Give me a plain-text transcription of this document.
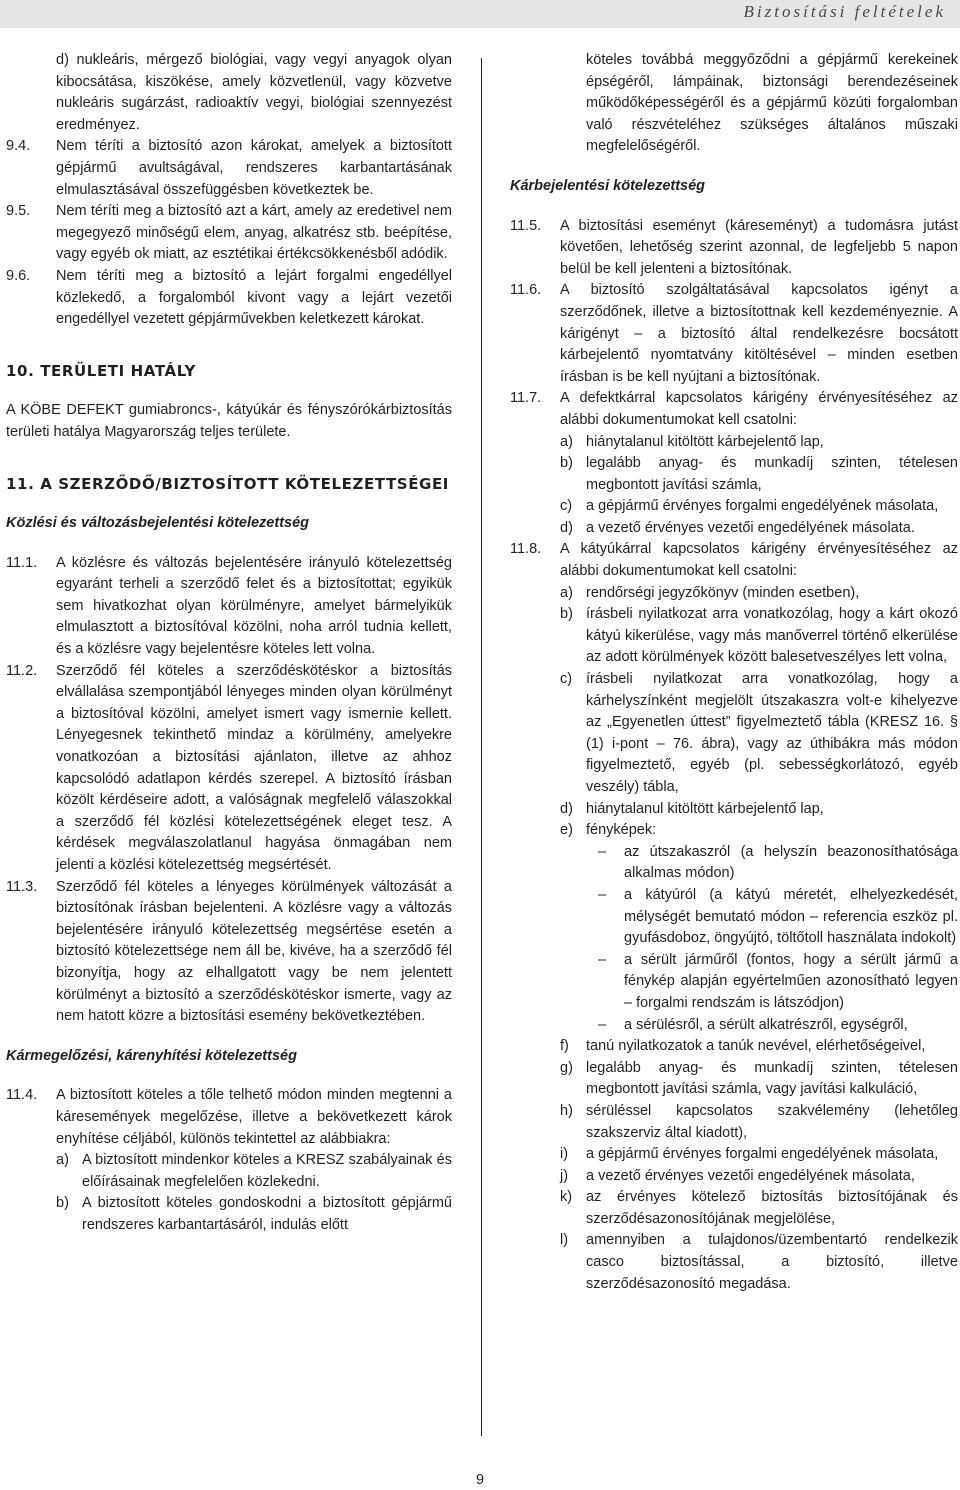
Biztosítási feltételek

d) nukleáris, mérgező biológiai, vagy vegyi anyagok olyan kibocsátása, kiszökése, amely közvetlenül, vagy közvetve nukleáris sugárzást, radioaktív vegyi, biológiai szennyezést eredményez.

9.4. Nem téríti a biztosító azon károkat, amelyek a biztosított gépjármű avultságával, rendszeres karbantartásának elmulasztásával összefüggésben következtek be.
9.5. Nem téríti meg a biztosító azt a kárt, amely az eredetivel nem megegyező minőségű elem, anyag, alkatrész stb. beépítése, vagy egyéb ok miatt, az esztétikai értékcsökkenésből adódik.
9.6. Nem téríti meg a biztosító a lejárt forgalmi engedéllyel közlekedő, a forgalomból kivont vagy a lejárt vezetői engedéllyel vezetett gépjárművekben keletkezett károkat.
10. TERÜLETI HATÁLY

A KÖBE DEFEKT gumiabroncs-, kátyúkár és fényszórókárbiztosítás területi hatálya Magyarország teljes területe.

11. A SZERZŐDŐ/BIZTOSÍTOTT KÖTELEZETTSÉGEI
Közlési és változásbejelentési kötelezettség
11.1. A közlésre és változás bejelentésére irányuló kötelezettség egyaránt terheli a szerződő felet és a biztosítottat; egyikük sem hivatkozhat olyan körülményre, amelyet bármelyikük elmulasztott a biztosítóval közölni, noha arról tudnia kellett, és a közlésre vagy bejelentésre köteles lett volna.
11.2. Szerződő fél köteles a szerződéskötéskor a biztosítás elvállalása szempontjából lényeges minden olyan körülményt a biztosítóval közölni, amelyet ismert vagy ismernie kellett. Lényegesnek tekinthető mindaz a körülmény, amelyekre vonatkozóan a biztosítási ajánlaton, illetve az ahhoz kapcsolódó adatlapon kérdés szerepel. A biztosító írásban közölt kérdéseire adott, a valóságnak megfelelő válaszokkal a szerződő fél közlési kötelezettségének eleget tesz. A kérdések megválaszolatlanul hagyása önmagában nem jelenti a közlési kötelezettség megsértését.
11.3. Szerződő fél köteles a lényeges körülmények változását a biztosítónak írásban bejelenteni. A közlésre vagy a változás bejelentésére irányuló kötelezettség megsértése esetén a biztosító kötelezettsége nem áll be, kivéve, ha a szerződő fél bizonyítja, hogy az elhallgatott vagy be nem jelentett körülményt a biztosító a szerződéskötéskor ismerte, vagy az nem hatott közre a biztosítási esemény bekövetkeztében.
Kármegelőzési, kárenyhítési kötelezettség
11.4. A biztosított köteles a tőle telhető módon minden megtenni a káresemények megelőzése, illetve a bekövetkezett károk enyhítése céljából, különös tekintettel az alábbiakra:
a) A biztosított mindenkor köteles a KRESZ szabályainak és előírásainak megfelelően közlekedni.
b) A biztosított köteles gondoskodni a biztosított gépjármű rendszeres karbantartásáról, indulás előtt

köteles továbbá meggyőződni a gépjármű kerekeinek épségéről, lámpáinak, biztonsági berendezéseinek működőképességéről és a gépjármű közúti forgalomban való részvételéhez szükséges általános műszaki megfelelőségéről.

Kárbejelentési kötelezettség
11.5. A biztosítási eseményt (káreseményt) a tudomásra jutást követően, lehetőség szerint azonnal, de legfeljebb 5 napon belül be kell jelenteni a biztosítónak.
11.6. A biztosító szolgáltatásával kapcsolatos igényt a szerződőnek, illetve a biztosítottnak kell kezdeményeznie. A kárigényt – a biztosító által rendelkezésre bocsátott kárbejelentő nyomtatvány kitöltésével – minden esetben írásban is be kell nyújtani a biztosítónak.
11.7. A defektkárral kapcsolatos kárigény érvényesítéséhez az alábbi dokumentumokat kell csatolni:
a) hiánytalanul kitöltött kárbejelentő lap,
b) legalább anyag- és munkadíj szinten, tételesen megbontott javítási számla,
c) a gépjármű érvényes forgalmi engedélyének másolata,
d) a vezető érvényes vezetői engedélyének másolata.
11.8. A kátyúkárral kapcsolatos kárigény érvényesítéséhez az alábbi dokumentumokat kell csatolni:
a) rendőrségi jegyzőkönyv (minden esetben),
b) írásbeli nyilatkozat arra vonatkozólag, hogy a kárt okozó kátyú kikerülése, vagy más manőverrel történő elkerülése az adott körülmények között balesetveszélyes lett volna,
c) írásbeli nyilatkozat arra vonatkozólag, hogy a kárhelyszínként megjelölt útszakaszra volt-e kihelyezve az „Egyenetlen úttest” figyelmeztető tábla (KRESZ 16. § (1) i-pont – 76. ábra), vagy az úthibákra más módon figyelmeztető, egyéb (pl. sebességkorlátozó, egyéb veszély) tábla,
d) hiánytalanul kitöltött kárbejelentő lap,
e) fényképek:
– az útszakaszról (a helyszín beazonosíthatósága alkalmas módon)
– a kátyúról (a kátyú méretét, elhelyezkedését, mélységét bemutató módon – referencia eszköz pl. gyufásdoboz, öngyújtó, töltőtoll használata indokolt)
– a sérült járműről (fontos, hogy a sérült jármű a fénykép alapján egyértelműen azonosítható legyen – forgalmi rendszám is látszódjon)
– a sérülésről, a sérült alkatrészről, egységről,
f) tanú nyilatkozatok a tanúk nevével, elérhetőségeivel,
g) legalább anyag- és munkadíj szinten, tételesen megbontott javítási számla, vagy javítási kalkuláció,
h) sérüléssel kapcsolatos szakvélemény (lehetőleg szakszerviz által kiadott),
i) a gépjármű érvényes forgalmi engedélyének másolata,
j) a vezető érvényes vezetői engedélyének másolata,
k) az érvényes kötelező biztosítás biztosítójának és szerződésazonosítójának megjelölése,
l) amennyiben a tulajdonos/üzembentartó rendelkezik casco biztosítással, a biztosító, illetve szerződésazonosító megadása.
9
